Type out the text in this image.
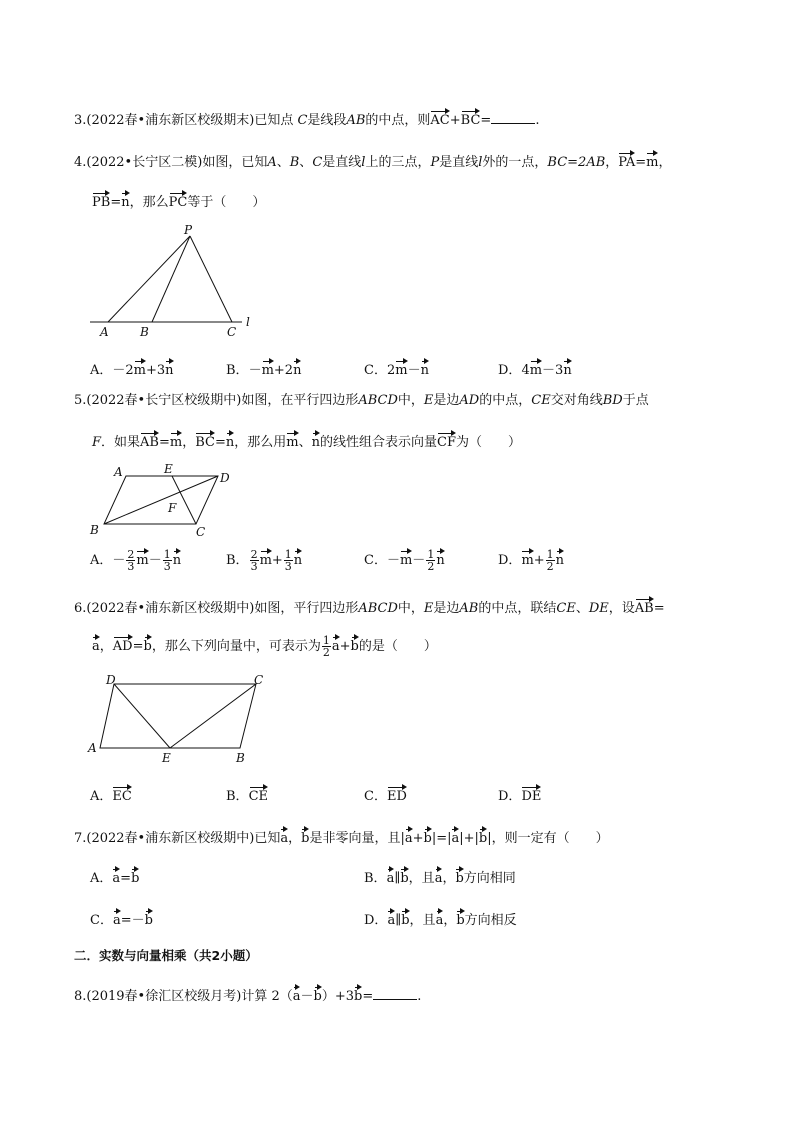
3.(2022春•浦东新区校级期末)已知点 C是线段AB的中点，则AC+BC=	.
4.(2022•长宁区二模)如图，已知A、B、C是直线l上的三点，P是直线l外的一点，BC=2AB，PA=m，
PB=n，那么PC等于（　　）
P
A	B	C
l
A．－2m+3n	B．－m+2n	C．2m－n	D．4m－3n
5.(2022春•长宁区校级期中)如图，在平行四边形ABCD中，E是边AD的中点，CE交对角线BD于点
F．如果AB=m，BC=n，那么用m、n的线性组合表示向量CF为（　　）
A	E
D
F
B	C
A．－ $\frac{2}{3} m- \frac{1}{3}$ n	B． $\frac{2}{3} m+ \frac{1}{3}$ n	C．$-m- \frac{1}{2}$ n	D．$m+ \frac{1}{2}$ n
6.(2022春•浦东新区校级期中)如图，平行四边形ABCD中，E是边AB的中点，联结CE、DE，设AB=
a，AD=b，那么下列向量中，可表示为 $\frac{1}{2} a+b$的是（　　）
D	C
A
E	B
A．EC	B．CE	C．ED	D．DE
7.(2022春•浦东新区校级期中)已知a，b是非零向量，且|a+b|=|a|+|b|，则一定有（　　）
A．a=b	B．a∥b，且a，b方向相同
C．a=－b	D．a∥b，且a，b方向相反
二．实数与向量相乘（共2小题）
8.(2019春•徐汇区校级月考)计算 2（a－b）+3b=	.
